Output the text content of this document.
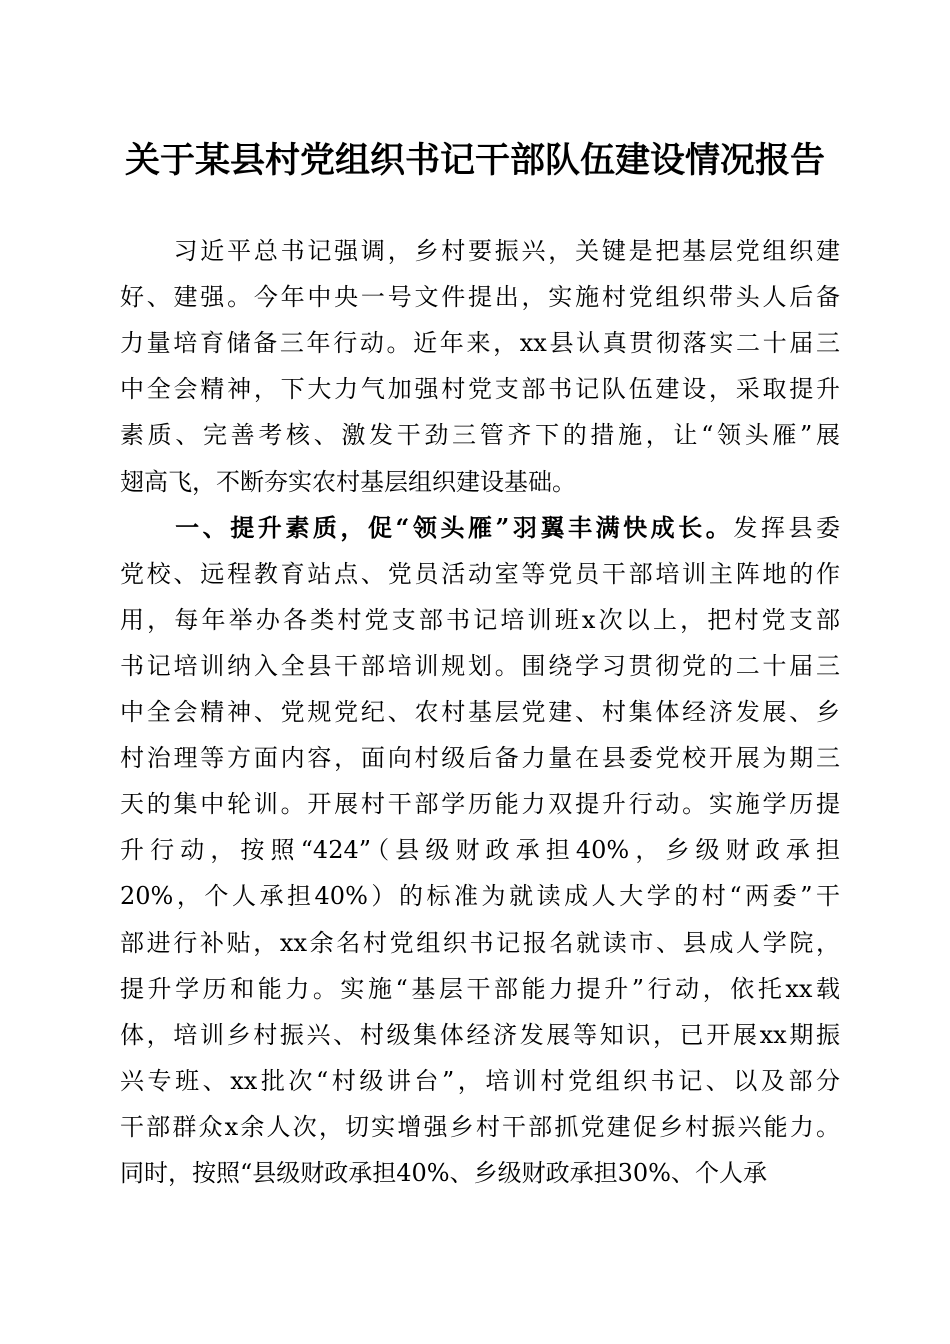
关于某县村党组织书记干部队伍建设情况报告
　　习近平总书记强调，乡村要振兴，关键是把基层党组织建
好、建强。今年中央一号文件提出，实施村党组织带头人后备
力量培育储备三年行动。近年来，xx县认真贯彻落实二十届三
中全会精神，下大力气加强村党支部书记队伍建设，采取提升
素质、完善考核、激发干劲三管齐下的措施，让“领头雁”展
翅高飞，不断夯实农村基层组织建设基础。
　　一、提升素质，促“领头雁”羽翼丰满快成长。发挥县委
党校、远程教育站点、党员活动室等党员干部培训主阵地的作
用，每年举办各类村党支部书记培训班x次以上，把村党支部
书记培训纳入全县干部培训规划。围绕学习贯彻党的二十届三
中全会精神、党规党纪、农村基层党建、村集体经济发展、乡
村治理等方面内容，面向村级后备力量在县委党校开展为期三
天的集中轮训。开展村干部学历能力双提升行动。实施学历提
升行动，按照“424”（县级财政承担40%，乡级财政承担
20%，个人承担40%）的标准为就读成人大学的村“两委”干
部进行补贴，xx余名村党组织书记报名就读市、县成人学院，
提升学历和能力。实施“基层干部能力提升”行动，依托xx载
体，培训乡村振兴、村级集体经济发展等知识，已开展xx期振
兴专班、xx批次“村级讲台”，培训村党组织书记、以及部分
干部群众x余人次，切实增强乡村干部抓党建促乡村振兴能力。
同时，按照“县级财政承担40%、乡级财政承担30%、个人承
